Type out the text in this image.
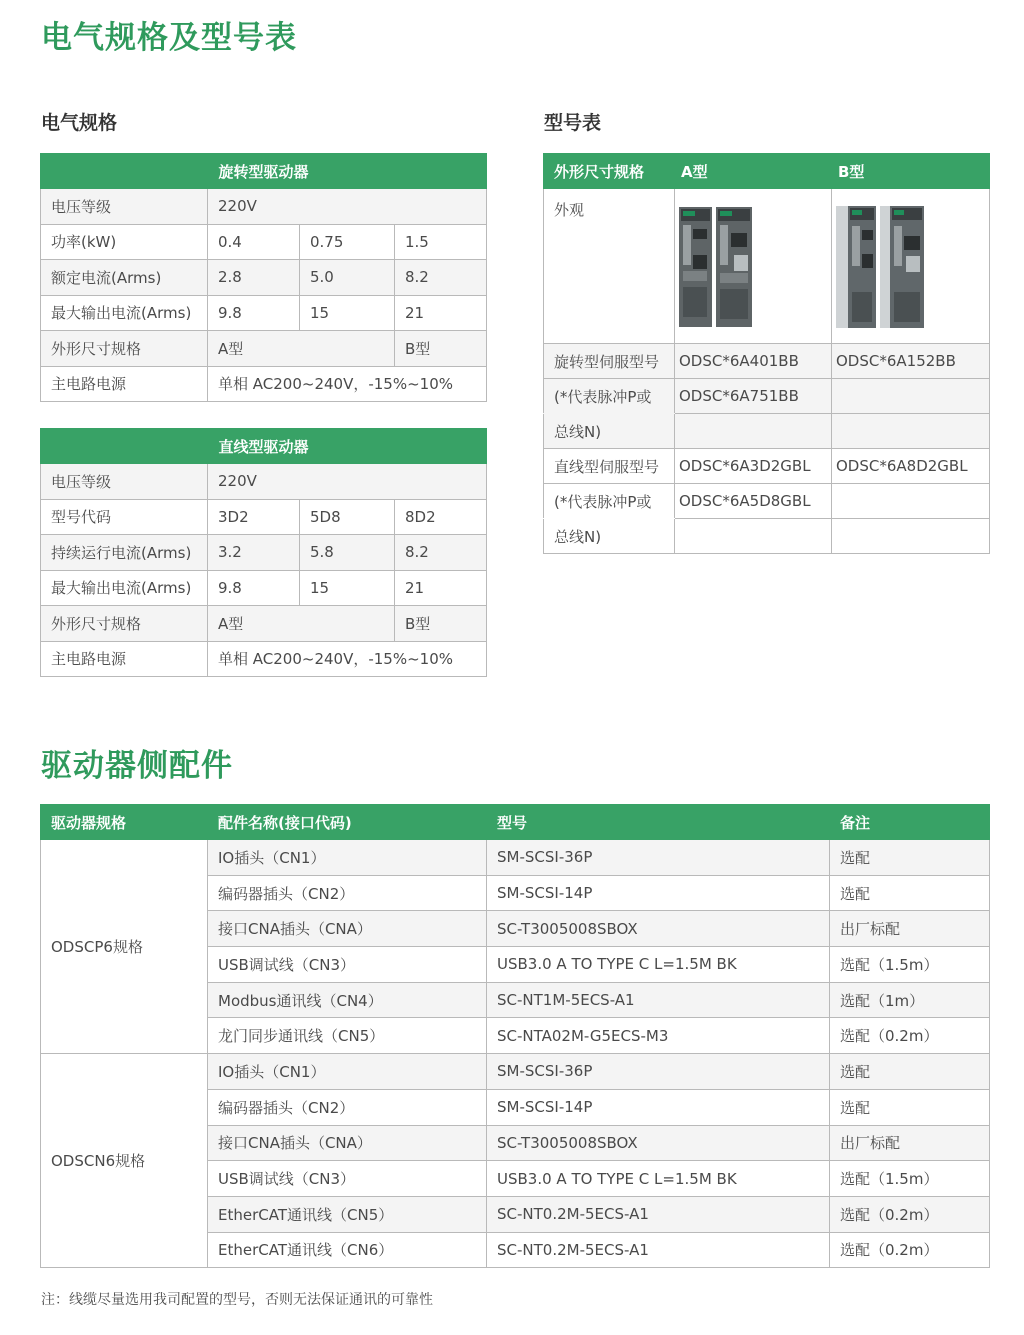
电气规格及型号表
电气规格	型号表
旋转型驱动器			
电压等级	220V		
功率(kW)	0.4	0.75	1.5
额定电流(Arms)	2.8	5.0	8.2
最大输出电流(Arms)	9.8	15	21
外形尺寸规格	A型		B型
主电路电源	单相 AC200~240V，-15%~10%		
直线型驱动器			
电压等级	220V		
型号代码	3D2	5D8	8D2
持续运行电流(Arms)	3.2	5.8	8.2
最大输出电流(Arms)	9.8	15	21
外形尺寸规格	A型		B型
主电路电源	单相 AC200~240V，-15%~10%		
外形尺寸规格	A型	B型
外观		
旋转型伺服型号	ODSC*6A401BB	ODSC*6A152BB
(*代表脉冲P或	ODSC*6A751BB	
总线N)		
直线型伺服型号	ODSC*6A3D2GBL	ODSC*6A8D2GBL
(*代表脉冲P或	ODSC*6A5D8GBL	
总线N)		
驱动器侧配件
驱动器规格	配件名称(接口代码)	型号	备注
ODSCP6规格	IO插头（CN1）	SM-SCSI-36P	选配
	编码器插头（CN2）	SM-SCSI-14P	选配
	接口CNA插头（CNA）	SC-T3005008SBOX	出厂标配
	USB调试线（CN3）	USB3.0 A TO TYPE C L=1.5M BK	选配（1.5m）
	Modbus通讯线（CN4）	SC-NT1M-5ECS-A1	选配（1m）
	龙门同步通讯线（CN5）	SC-NTA02M-G5ECS-M3	选配（0.2m）
ODSCN6规格	IO插头（CN1）	SM-SCSI-36P	选配
	编码器插头（CN2）	SM-SCSI-14P	选配
	接口CNA插头（CNA）	SC-T3005008SBOX	出厂标配
	USB调试线（CN3）	USB3.0 A TO TYPE C L=1.5M BK	选配（1.5m）
	EtherCAT通讯线（CN5）	SC-NT0.2M-5ECS-A1	选配（0.2m）
	EtherCAT通讯线（CN6）	SC-NT0.2M-5ECS-A1	选配（0.2m）
注：线缆尽量选用我司配置的型号，否则无法保证通讯的可靠性
